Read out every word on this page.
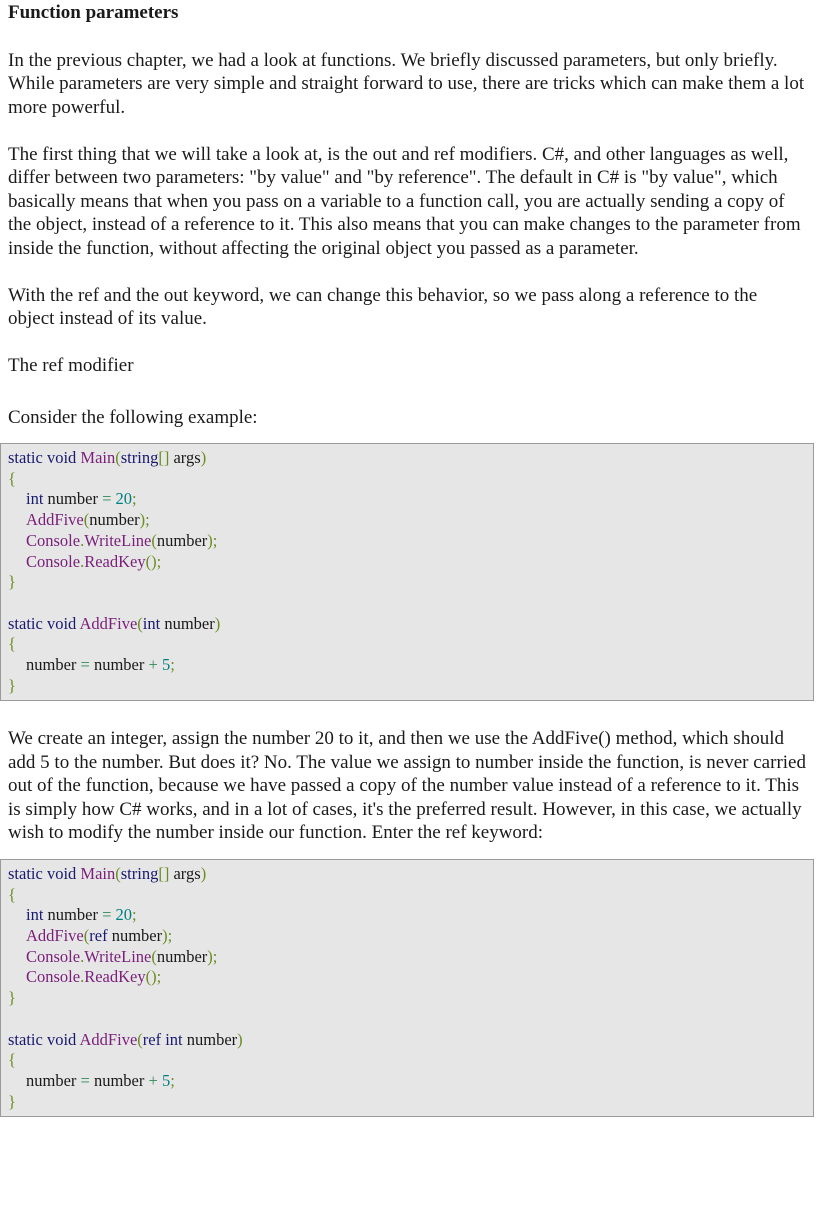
Function parameters

In the previous chapter, we had a look at functions. We briefly discussed parameters, but only briefly. While parameters are very simple and straight forward to use, there are tricks which can make them a lot more powerful.

The first thing that we will take a look at, is the out and ref modifiers. C#, and other languages as well, differ between two parameters: "by value" and "by reference". The default in C# is "by value", which basically means that when you pass on a variable to a function call, you are actually sending a copy of the object, instead of a reference to it. This also means that you can make changes to the parameter from inside the function, without affecting the original object you passed as a parameter.

With the ref and the out keyword, we can change this behavior, so we pass along a reference to the object instead of its value.

The ref modifier

Consider the following example:

static void Main(string[] args)
{
int number = 20;
AddFive(number);
Console.WriteLine(number);
Console.ReadKey();
}
static void AddFive(int number)
{
number = number + 5;
}

We create an integer, assign the number 20 to it, and then we use the AddFive() method, which should add 5 to the number. But does it? No. The value we assign to number inside the function, is never carried out of the function, because we have passed a copy of the number value instead of a reference to it. This is simply how C# works, and in a lot of cases, it's the preferred result. However, in this case, we actually wish to modify the number inside our function. Enter the ref keyword:

static void Main(string[] args)
{
int number = 20;
AddFive(ref number);
Console.WriteLine(number);
Console.ReadKey();
}
static void AddFive(ref int number)
{
number = number + 5;
}
